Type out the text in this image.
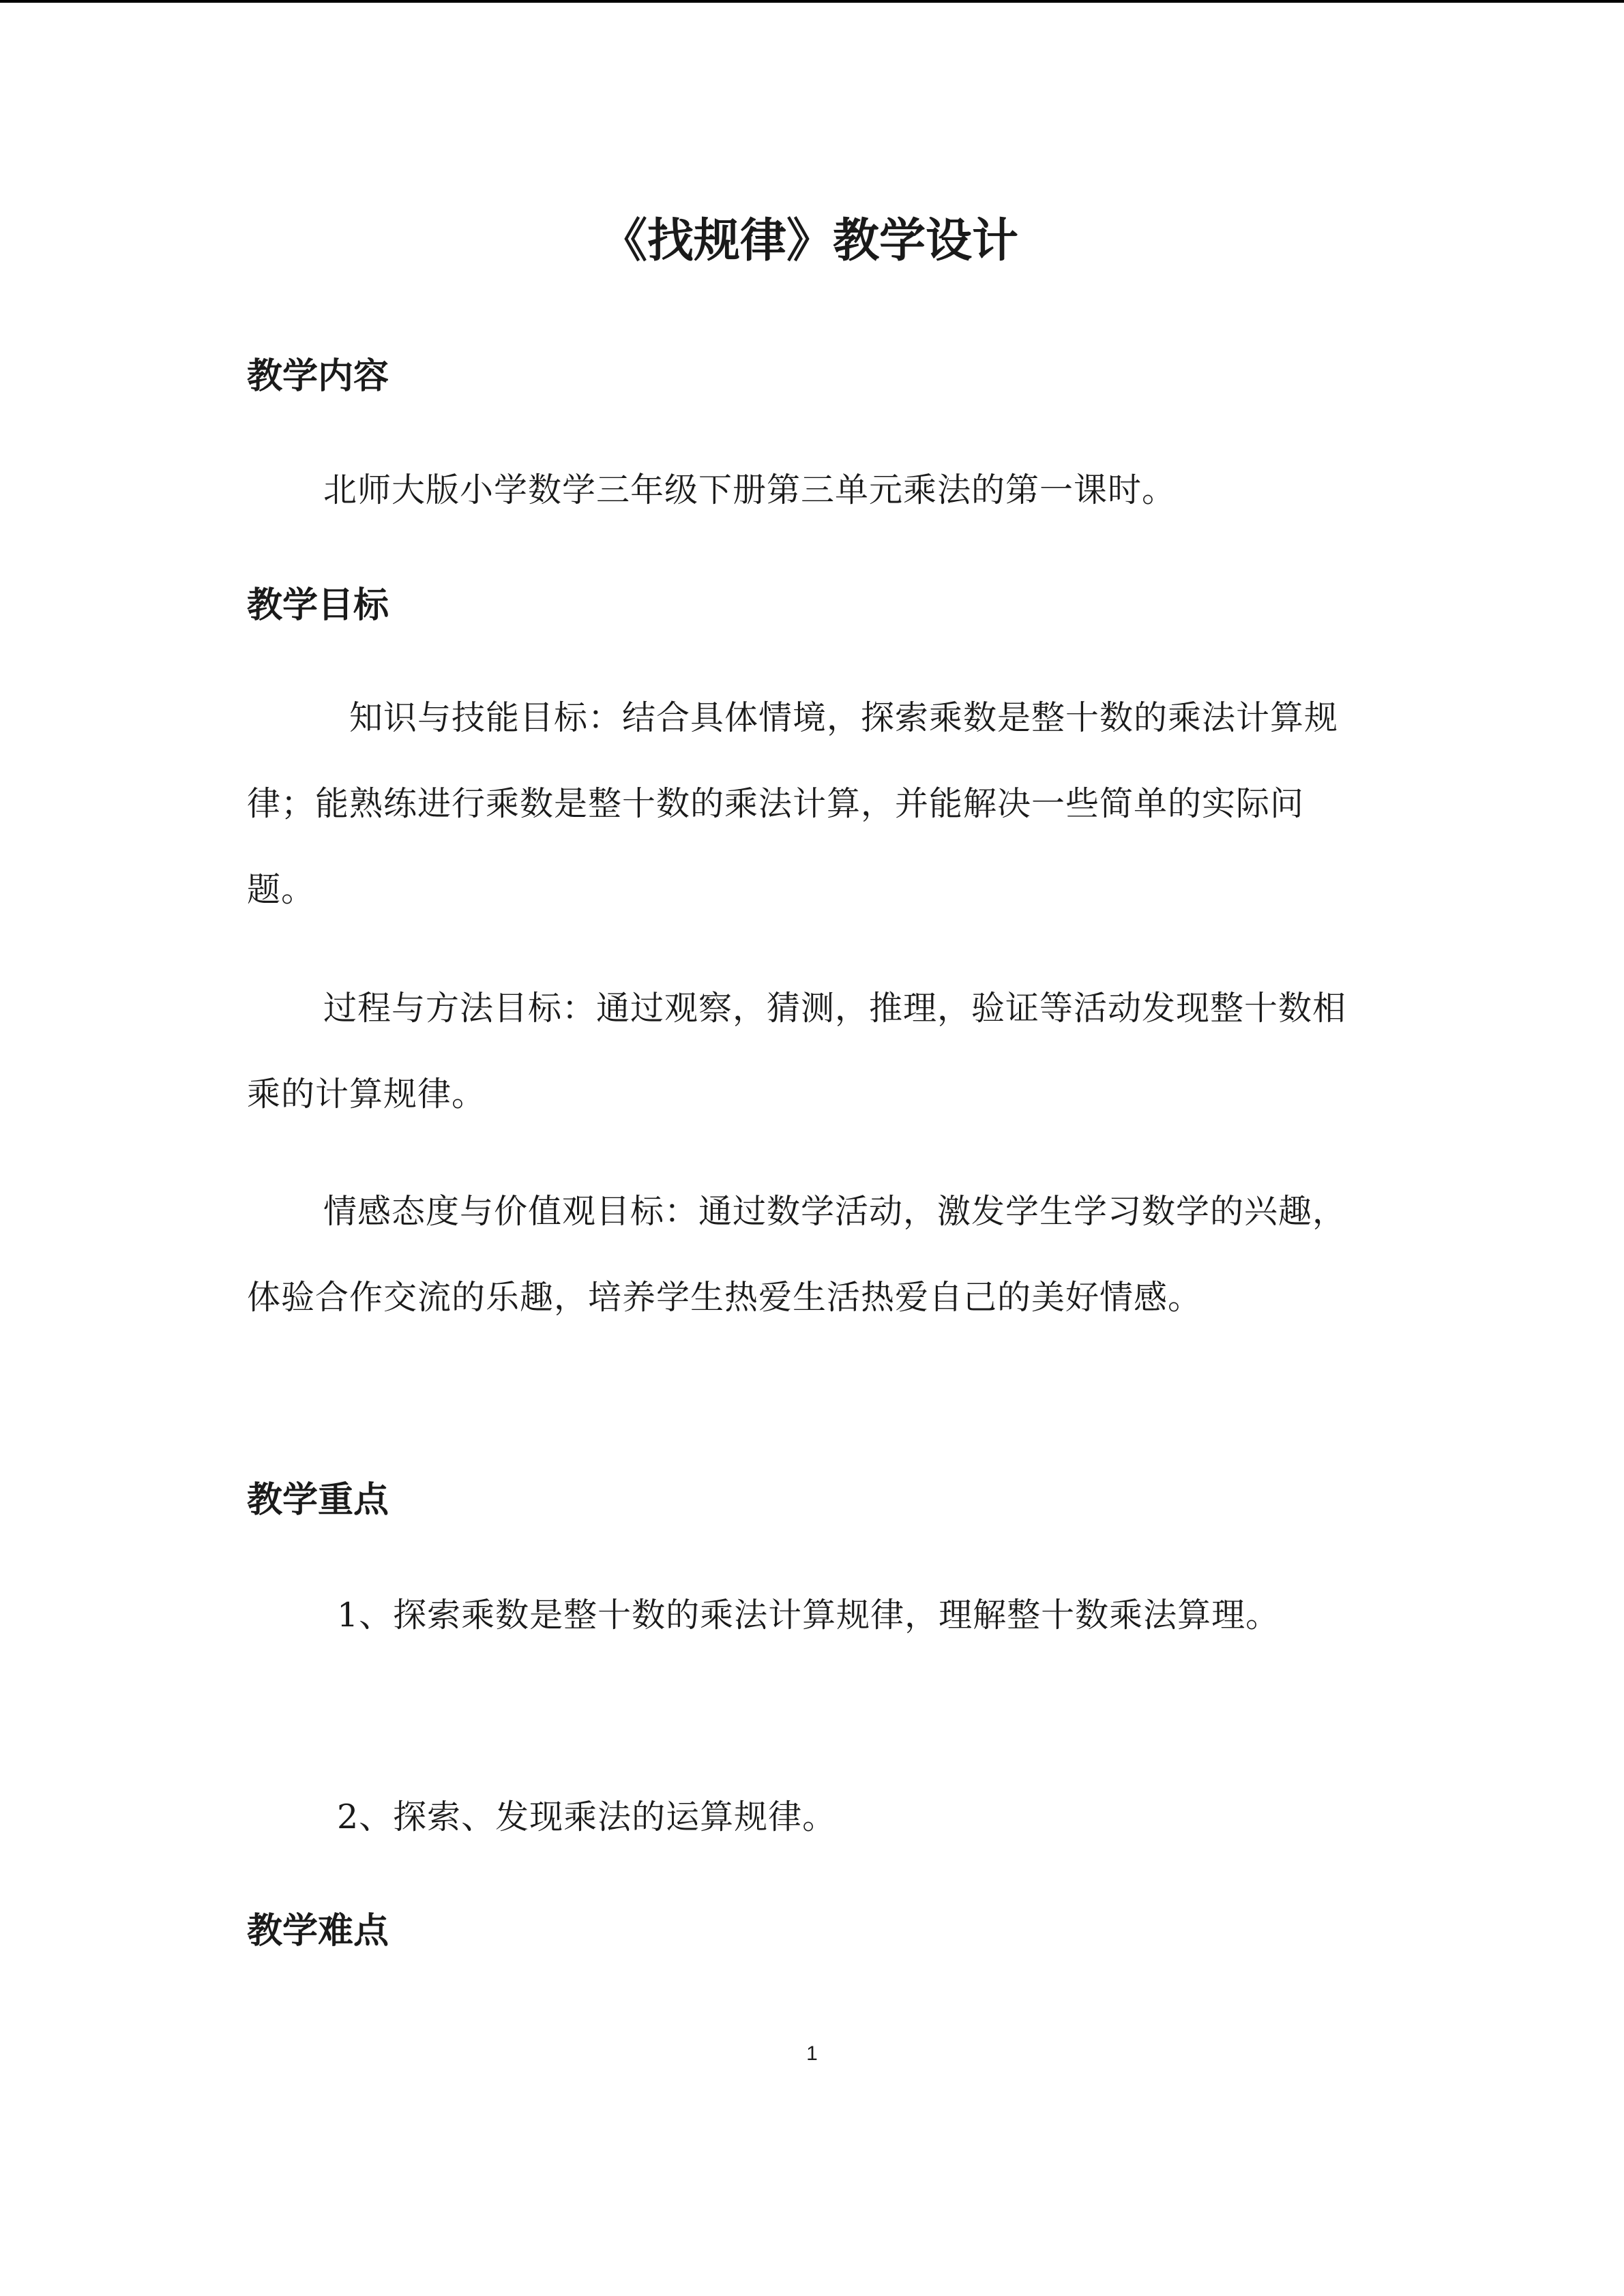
《找规律》教学设计
教学内容

北师大版小学数学三年级下册第三单元乘法的第一课时。

教学目标

知识与技能目标：结合具体情境，探索乘数是整十数的乘法计算规律；能熟练进行乘数是整十数的乘法计算，并能解决一些简单的实际问题。

过程与方法目标：通过观察，猜测，推理，验证等活动发现整十数相乘的计算规律。

情感态度与价值观目标：通过数学活动，激发学生学习数学的兴趣，体验合作交流的乐趣，培养学生热爱生活热爱自己的美好情感。

教学重点

1、探索乘数是整十数的乘法计算规律，理解整十数乘法算理。

2、探索、发现乘法的运算规律。

教学难点
1
